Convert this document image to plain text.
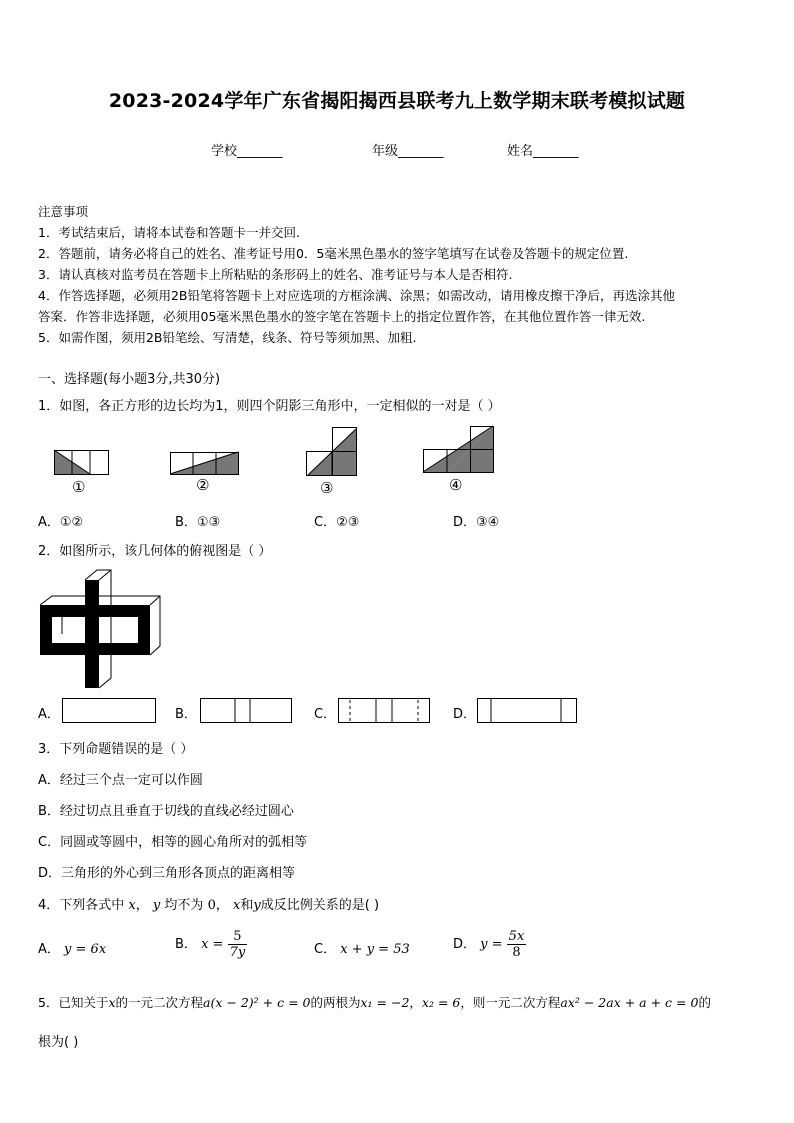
2023-2024学年广东省揭阳揭西县联考九上数学期末联考模拟试题
学校_______	年级_______	姓名_______
注意事项
1．考试结束后，请将本试卷和答题卡一并交回.
2．答题前，请务必将自己的姓名、准考证号用0．5毫米黑色墨水的签字笔填写在试卷及答题卡的规定位置.
3．请认真核对监考员在答题卡上所粘贴的条形码上的姓名、准考证号与本人是否相符.
4．作答选择题，必须用2B铅笔将答题卡上对应选项的方框涂满、涂黑；如需改动，请用橡皮擦干净后，再选涂其他
答案．作答非选择题，必须用05毫米黑色墨水的签字笔在答题卡上的指定位置作答，在其他位置作答一律无效.
5．如需作图，须用2B铅笔绘、写清楚，线条、符号等须加黑、加粗.
一、选择题(每小题3分,共30分)
1．如图，各正方形的边长均为1，则四个阴影三角形中，一定相似的一对是（ ）
①	②	③	④
A．①②	B．①③	C．②③	D．③④
2．如图所示，该几何体的俯视图是（ ）
A．	B．	C．	D．
3．下列命题错误的是（ ）
A．经过三个点一定可以作圆
B．经过切点且垂直于切线的直线必经过圆心
C．同圆或等圆中，相等的圆心角所对的弧相等
D．三角形的外心到三角形各顶点的距离相等
4．下列各式中 x， y 均不为 0， x和y成反比例关系的是( )
A． y = 6x	B． $x = \frac{5}{7y}$	C． x + y = 53	D． $y = \frac{5x}{8}$
5．已知关于x的一元二次方程a(x − 2)² + c = 0的两根为x₁ = −2，x₂ = 6，则一元二次方程ax² − 2ax + a + c = 0的
根为( )
